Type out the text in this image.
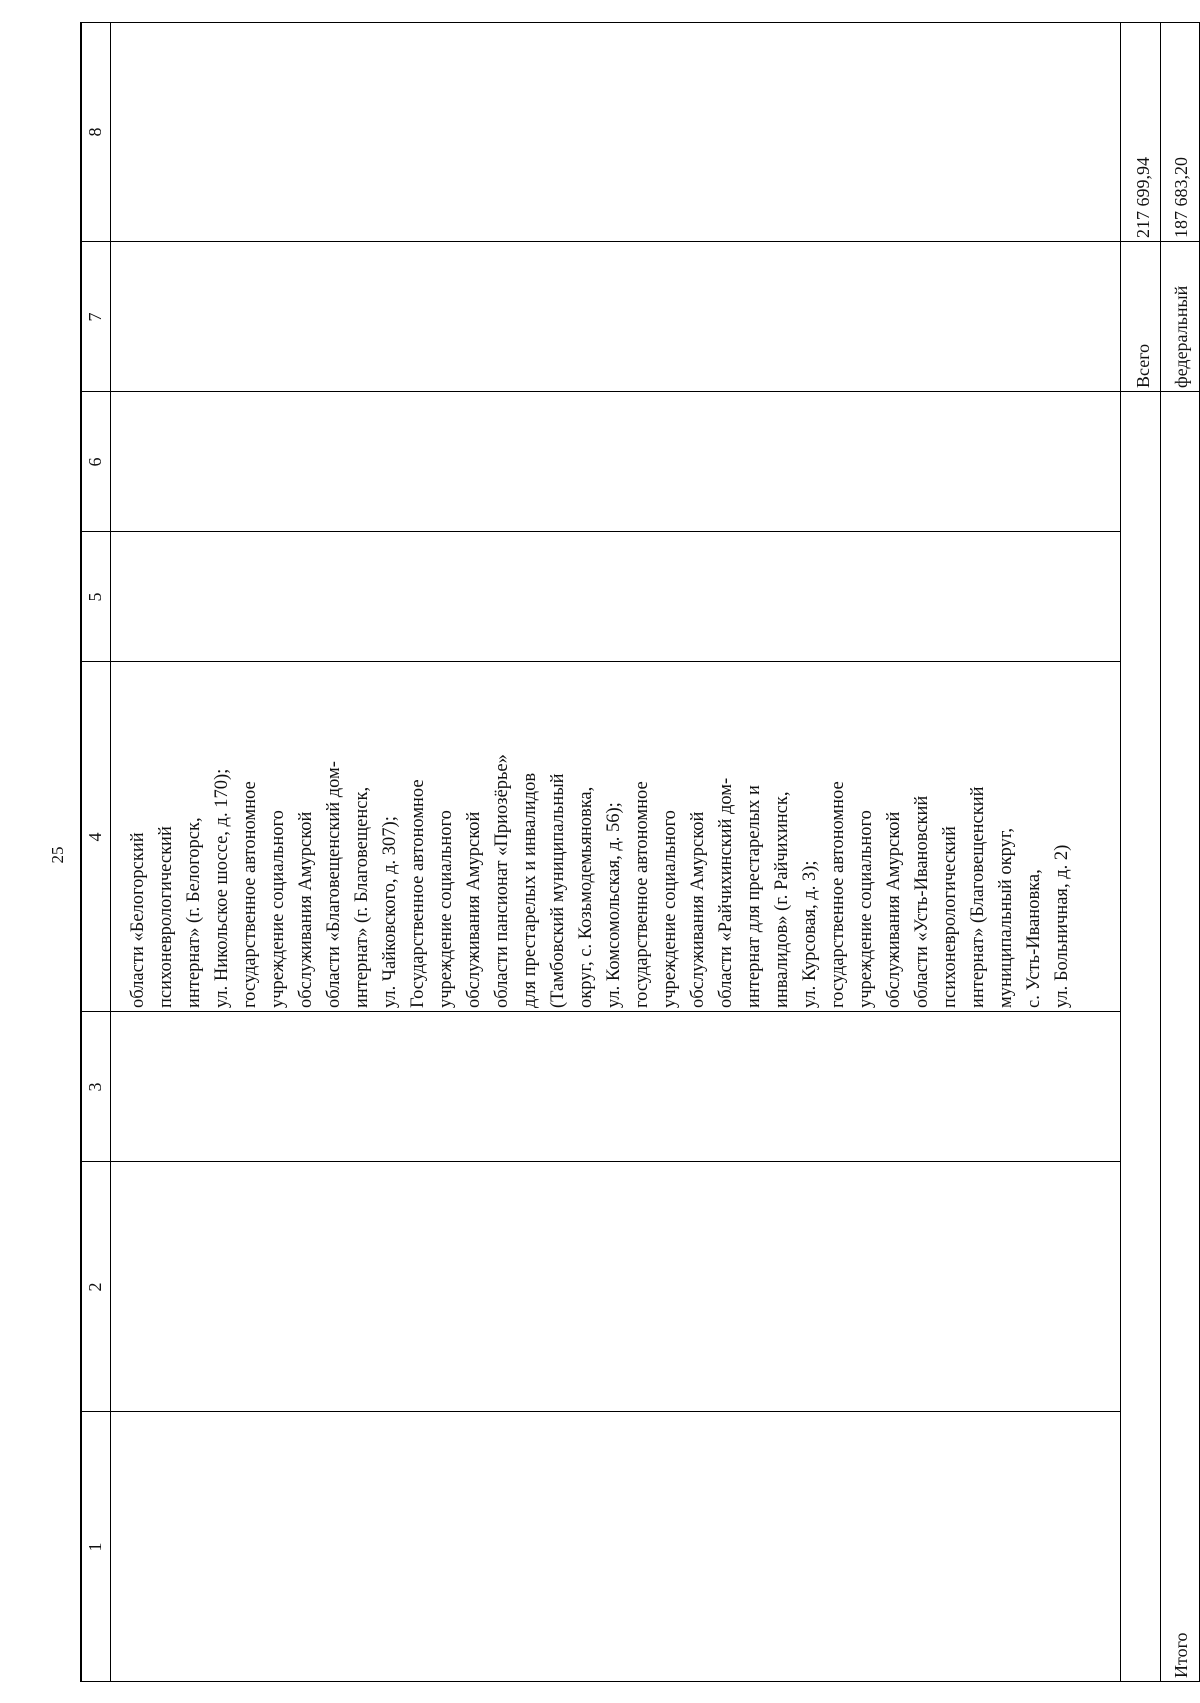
25
1
2
3
4
5
6
7
8
области «Белогорский психоневрологический интернат» (г. Белогорск, ул. Никольское шоссе, д. 170); государственное автономное учреждение социального обслуживания Амурской области «Благовещенский дом- интернат» (г. Благовещенск, ул. Чайковского, д. 307); Государственное автономное учреждение социального обслуживания Амурской области пансионат «Приозёрье» для престарелых и инвалидов (Тамбовский муниципальный округ, с. Козьмодемьяновка, ул. Комсомольская, д. 56); государственное автономное учреждение социального обслуживания Амурской области «Райчихинский дом- интернат для престарелых и инвалидов» (г. Райчихинск, ул. Курсовая, д. 3); государственное автономное учреждение социального обслуживания Амурской области «Усть-Ивановский психоневрологический интернат» (Благовещенский муниципальный округ, с. Усть-Ивановка, ул. Больничная, д. 2)
Итого
Всего
217 699,94
федеральный
187 683,20
